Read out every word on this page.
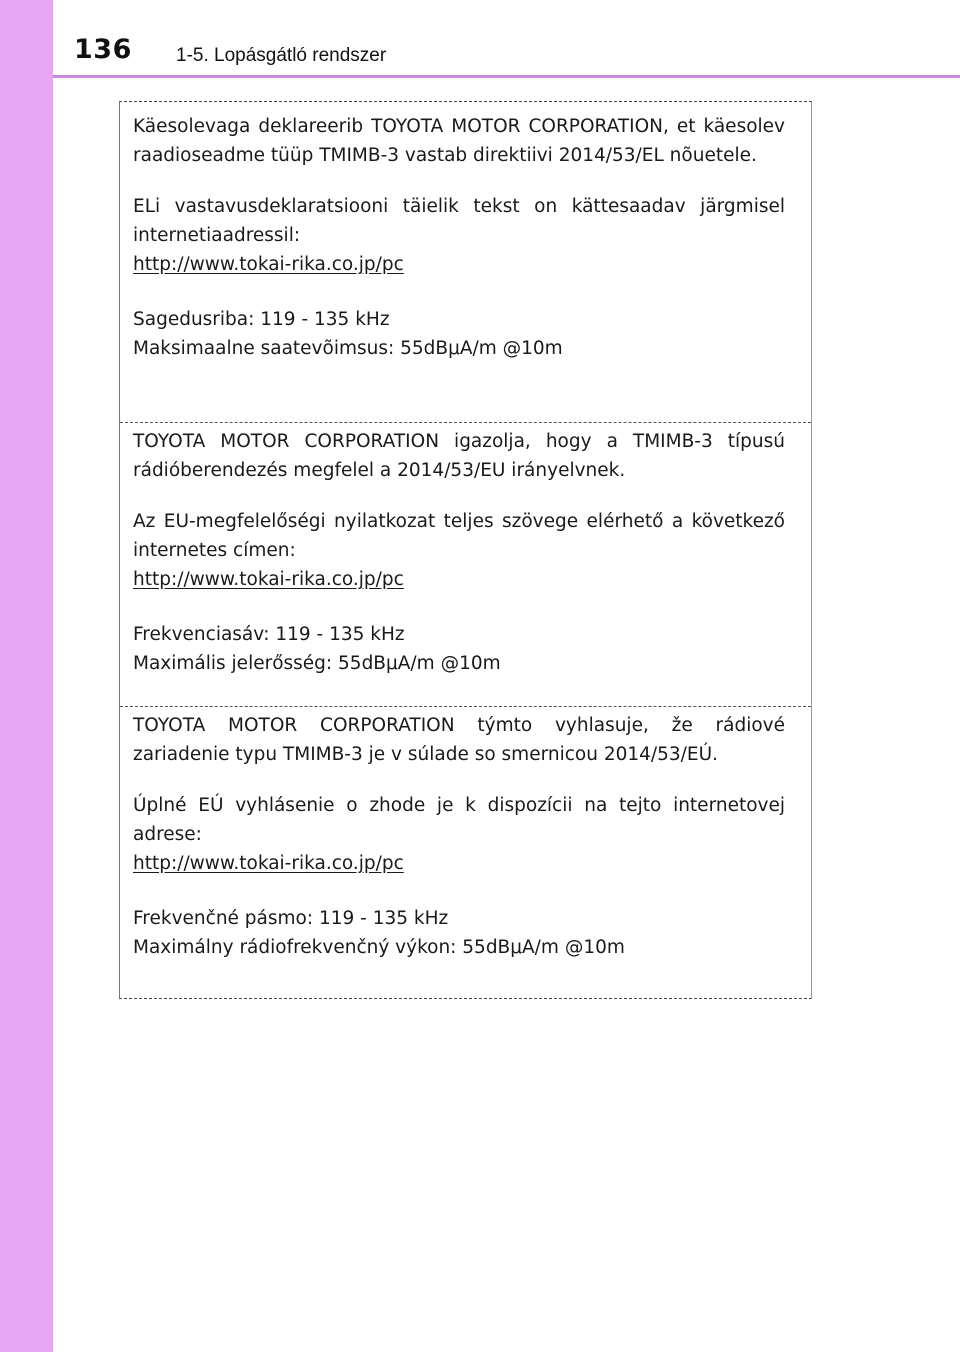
136 1-5. Lopásgátló rendszer

Käesolevaga deklareerib TOYOTA MOTOR CORPORATION, et käesolev raadioseadme tüüp TMIMB-3 vastab direktiivi 2014/53/EL nõuetele.

ELi vastavusdeklaratsiooni täielik tekst on kättesaadav järgmisel internetiaadressil:

http://www.tokai-rika.co.jp/pc

Sagedusriba: 119 - 135 kHz

Maksimaalne saatevõimsus: 55dBμA/m @10m

TOYOTA MOTOR CORPORATION igazolja, hogy a TMIMB-3 típusú rádióberendezés megfelel a 2014/53/EU irányelvnek.

Az EU-megfelelőségi nyilatkozat teljes szövege elérhető a következő internetes címen:

http://www.tokai-rika.co.jp/pc

Frekvenciasáv: 119 - 135 kHz

Maximális jelerősség: 55dBμA/m @10m

TOYOTA MOTOR CORPORATION týmto vyhlasuje, že rádiové zariadenie typu TMIMB-3 je v súlade so smernicou 2014/53/EÚ.

Úplné EÚ vyhlásenie o zhode je k dispozícii na tejto internetovej adrese:

http://www.tokai-rika.co.jp/pc

Frekvenčné pásmo: 119 - 135 kHz

Maximálny rádiofrekvenčný výkon: 55dBμA/m @10m
